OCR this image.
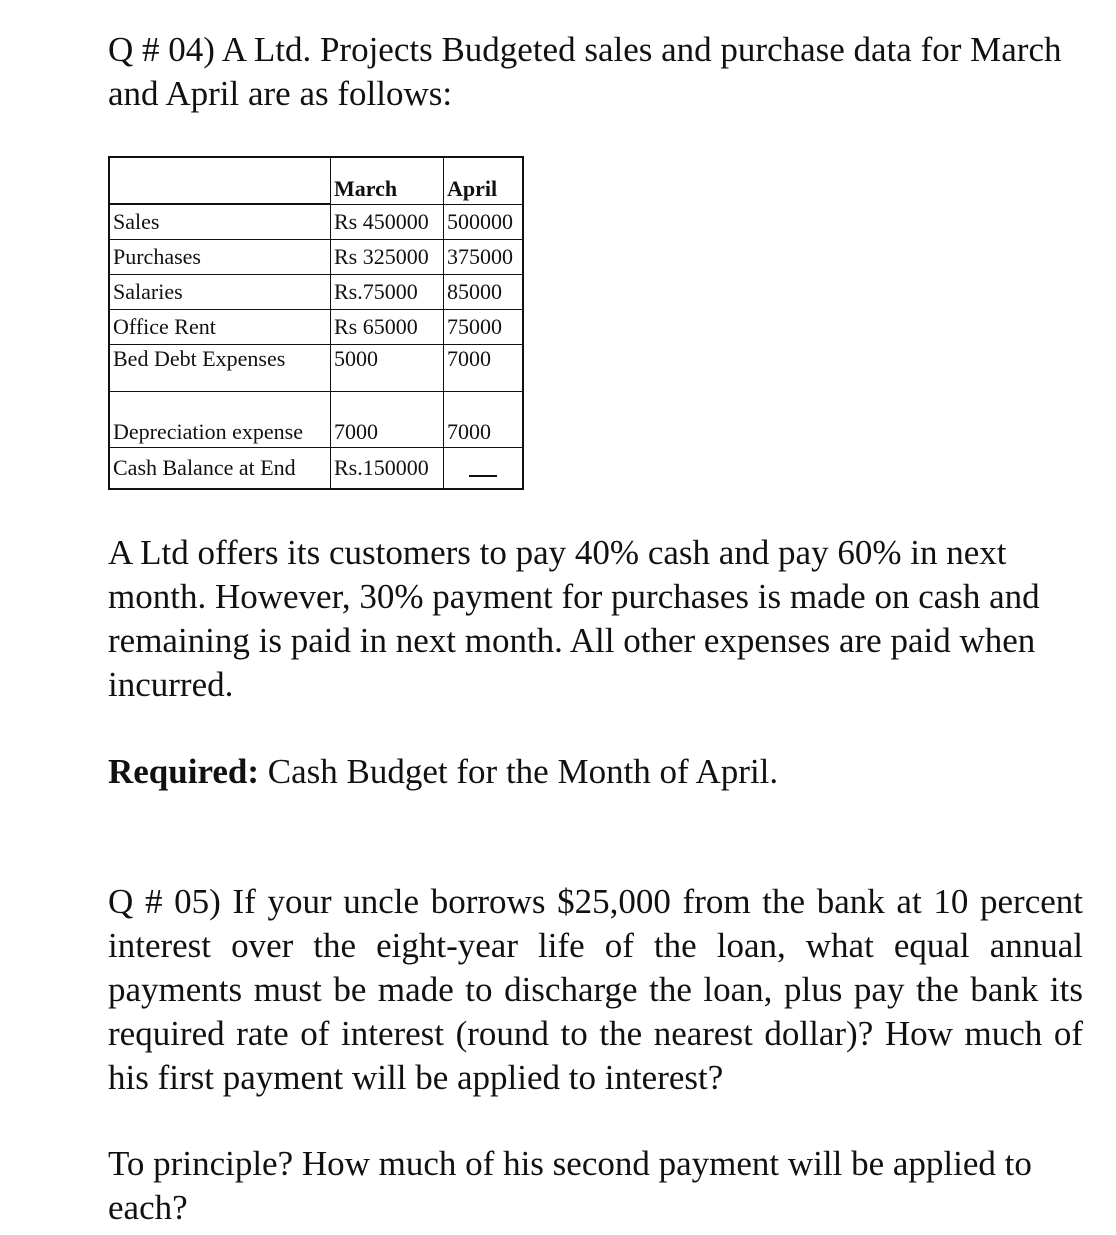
Q # 04) A Ltd. Projects Budgeted sales and purchase data for March and April are as follows:

	March	April
Sales	Rs 450000	500000
Purchases	Rs 325000	375000
Salaries	Rs.75000	85000
Office Rent	Rs 65000	75000
Bed Debt Expenses	5000	7000
Depreciation expense	7000	7000
Cash Balance at End	Rs.150000	

A Ltd offers its customers to pay 40% cash and pay 60% in next month. However, 30% payment for purchases is made on cash and remaining is paid in next month. All other expenses are paid when incurred.

Required: Cash Budget for the Month of April.

Q # 05) If your uncle borrows $25,000 from the bank at 10 percent interest over the eight-year life of the loan, what equal annual payments must be made to discharge the loan, plus pay the bank its required rate of interest (round to the nearest dollar)? How much of his first payment will be applied to interest?

To principle? How much of his second payment will be applied to each?
